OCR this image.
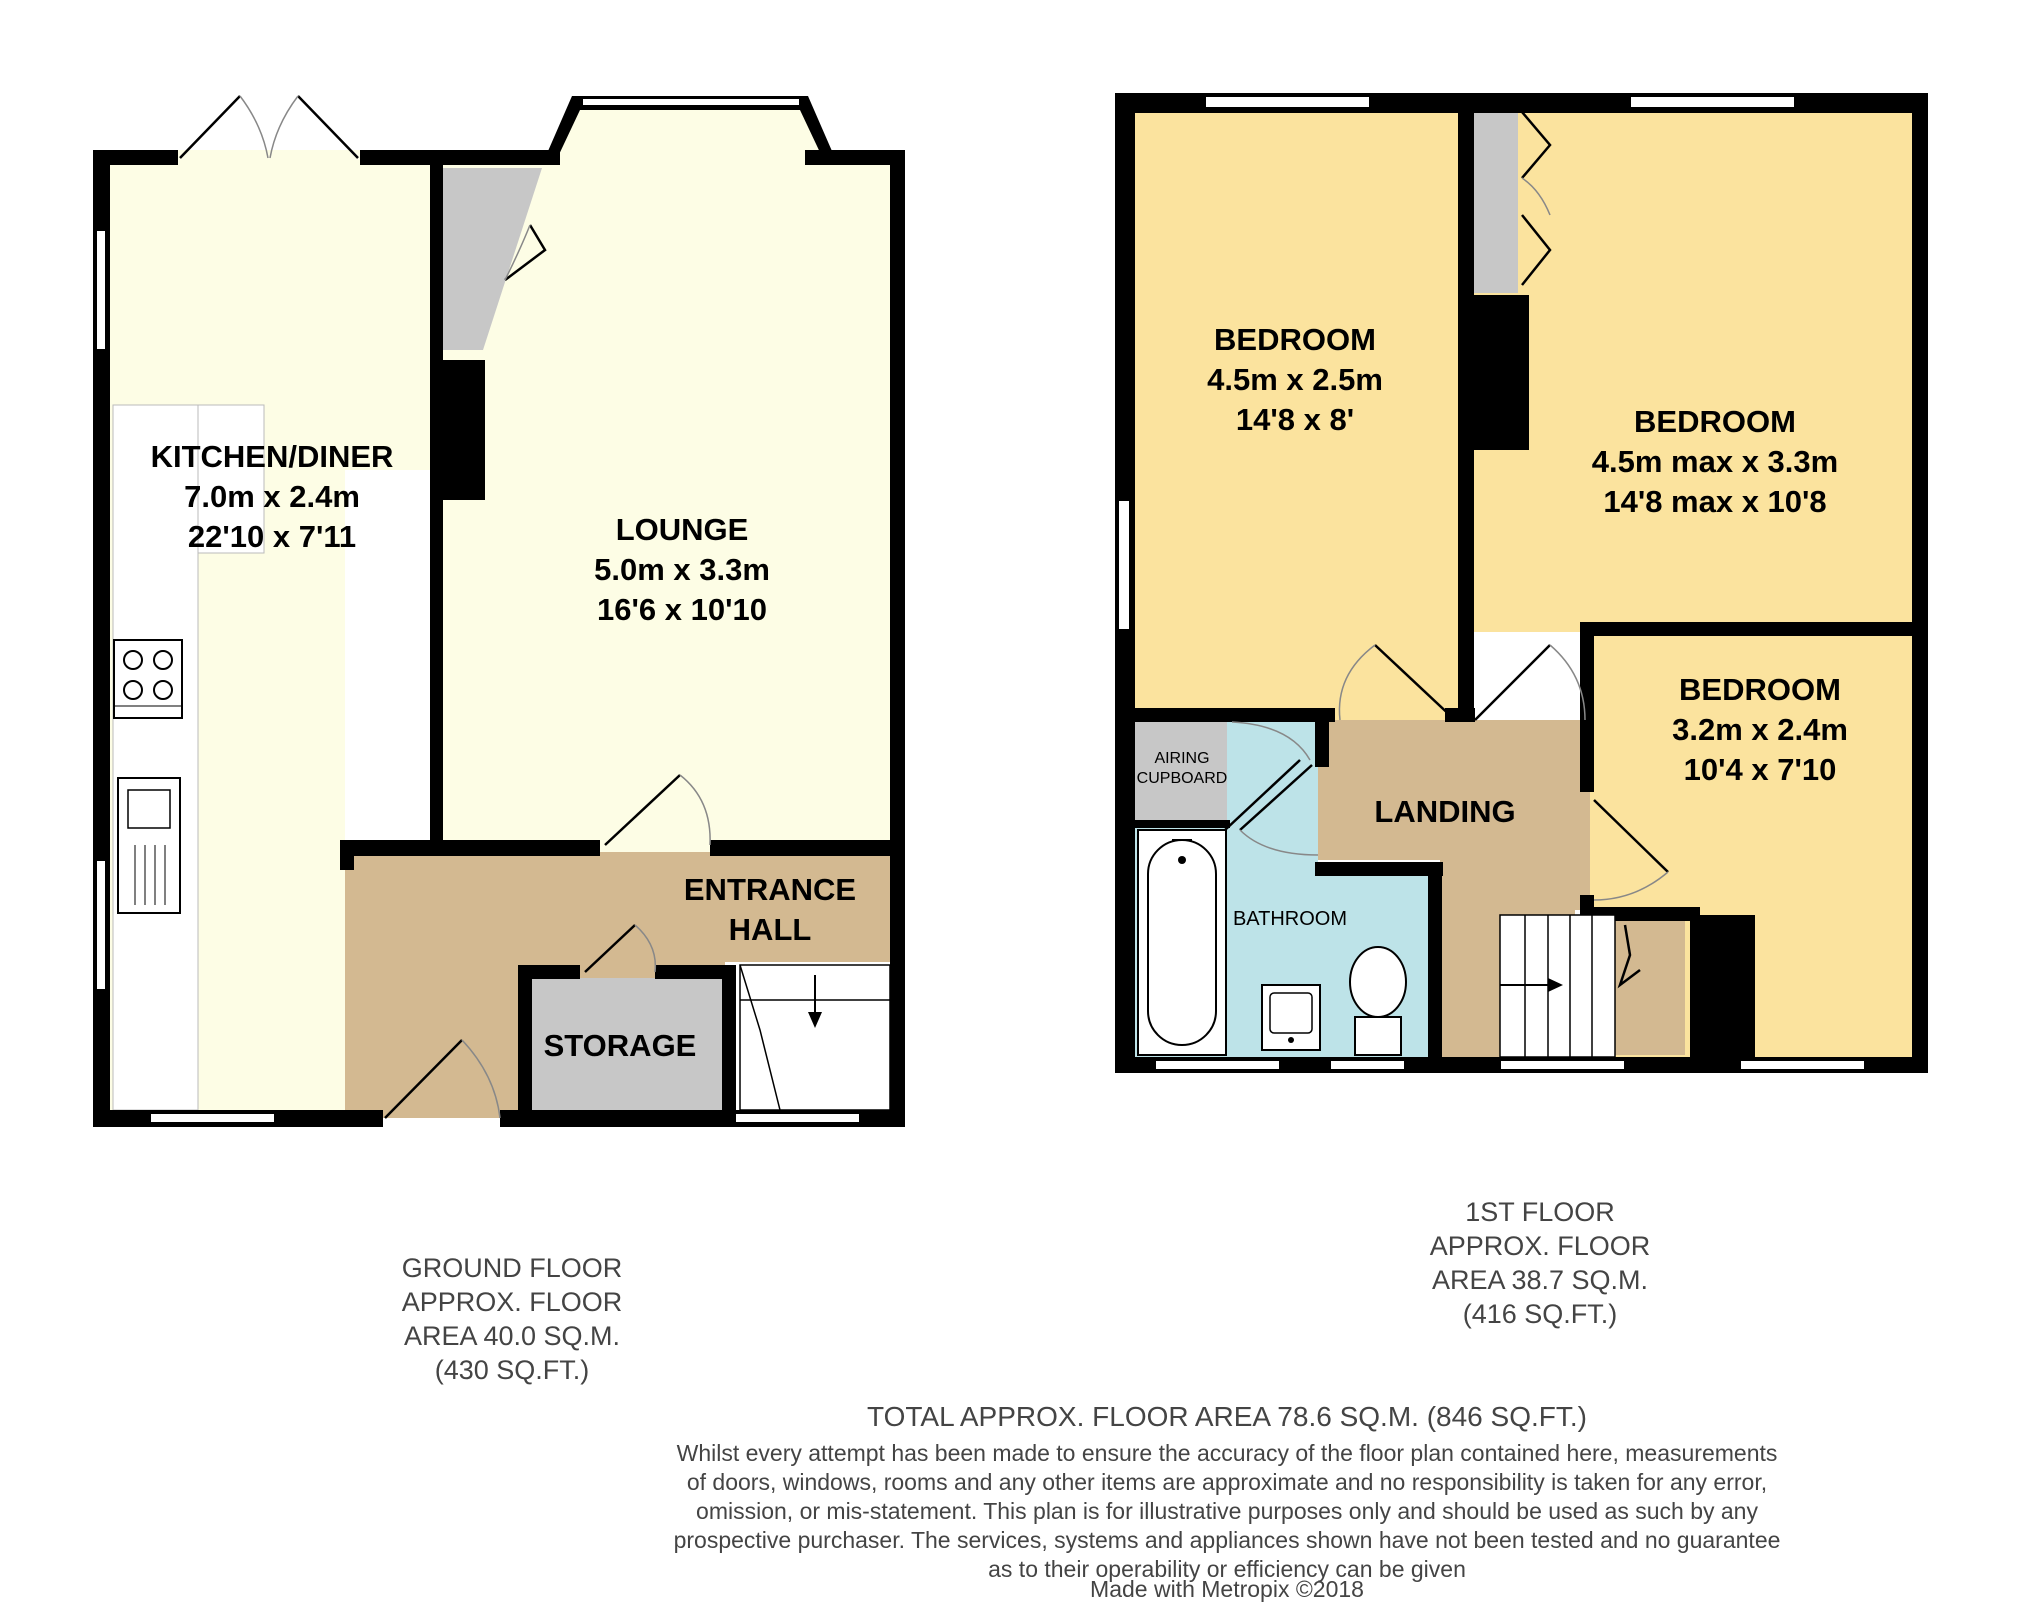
KITCHEN/DINER
7.0m x 2.4m
22'10 x 7'11	LOUNGE
5.0m x 3.3m
16'6 x 10'10
ENTRANCE
HALL
STORAGE
BEDROOM
4.5m x 2.5m
14'8 x 8'	BEDROOM
4.5m max x 3.3m
14'8 max x 10'8
BEDROOM
3.2m x 2.4m
10'4 x 7'10
LANDING
AIRING
CUPBOARD
BATHROOM
GROUND FLOOR
APPROX. FLOOR
AREA 40.0 SQ.M.
(430 SQ.FT.)
1ST FLOOR
APPROX. FLOOR
AREA 38.7 SQ.M.
(416 SQ.FT.)
TOTAL APPROX. FLOOR AREA 78.6 SQ.M. (846 SQ.FT.)
Whilst every attempt has been made to ensure the accuracy of the floor plan contained here, measurements
of doors, windows, rooms and any other items are approximate and no responsibility is taken for any error,
omission, or mis-statement. This plan is for illustrative purposes only and should be used as such by any
prospective purchaser. The services, systems and appliances shown have not been tested and no guarantee
as to their operability or efficiency can be given
Made with Metropix ©2018
